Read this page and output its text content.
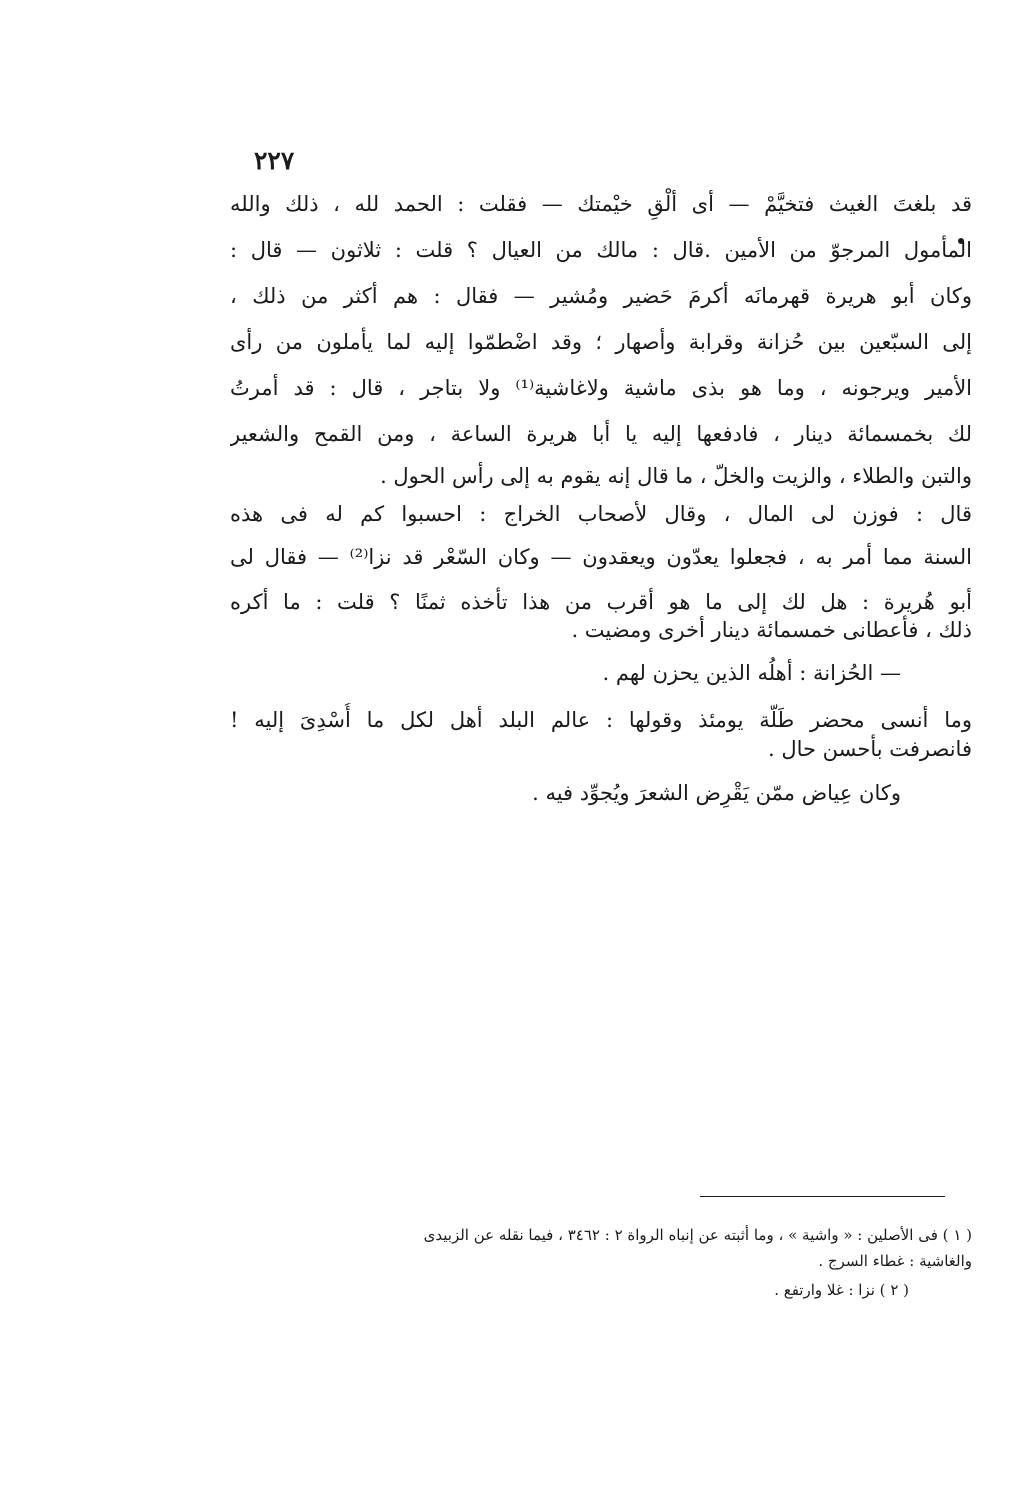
٢٢٧
قد بلغتَ الغيث فتخيَّمْ — أى ألْقِ خيْمتك — فقلت : الحمد لله ، ذلك والله
المأمول المرجوّ من الأمين .قال : مالك من العيال ؟ قلت : ثلاثون — قال :
وكان أبو هريرة قهرمانَه أكرمَ حَضير ومُشير — فقال : هم أكثر من ذلك ،
إلى السبّعين بين حُزانة وقرابة وأصهار ؛ وقد اضْطمّوا إليه لما يأملون من رأى
الأمير ويرجونه ، وما هو بذى ماشية ولاغاشية⁽¹⁾ ولا بتاجر ، قال : قد أمرتُ
لك بخمسمائة دينار ، فادفعها إليه يا أبا هريرة الساعة ، ومن القمح والشعير
والتبن والطلاء ، والزيت والخلّ ، ما قال إنه يقوم به إلى رأس الحول .
قال : فوزن لى المال ، وقال لأصحاب الخراج : احسبوا كم له فى هذه
السنة مما أمر به ، فجعلوا يعدّون ويعقدون — وكان السّعْر قد نزا⁽²⁾ — فقال لى
أبو هُريرة : هل لك إلى ما هو أقرب من هذا تأخذه ثمنًا ؟ قلت : ما أكره
ذلك ، فأعطانى خمسمائة دينار أخرى ومضيت .
— الحُزانة : أهلُه الذين يحزن لهم .
وما أنسى محضر طَلّة يومئذ وقولها : عالم البلد أهل لكل ما أُسْدِىَ إليه !
فانصرفت بأحسن حال .
وكان عِياض ممّن يَقْرِض الشعرَ ويُجوِّد فيه .
( ١ ) فى الأصلين : « واشية » ، وما أثبته عن إنباه الرواة ٢ : ٣٤٦٢ ، فيما نقله عن الزبيدى
والغاشية : غطاء السرج .
( ٢ ) نزا : غلا وارتفع .
